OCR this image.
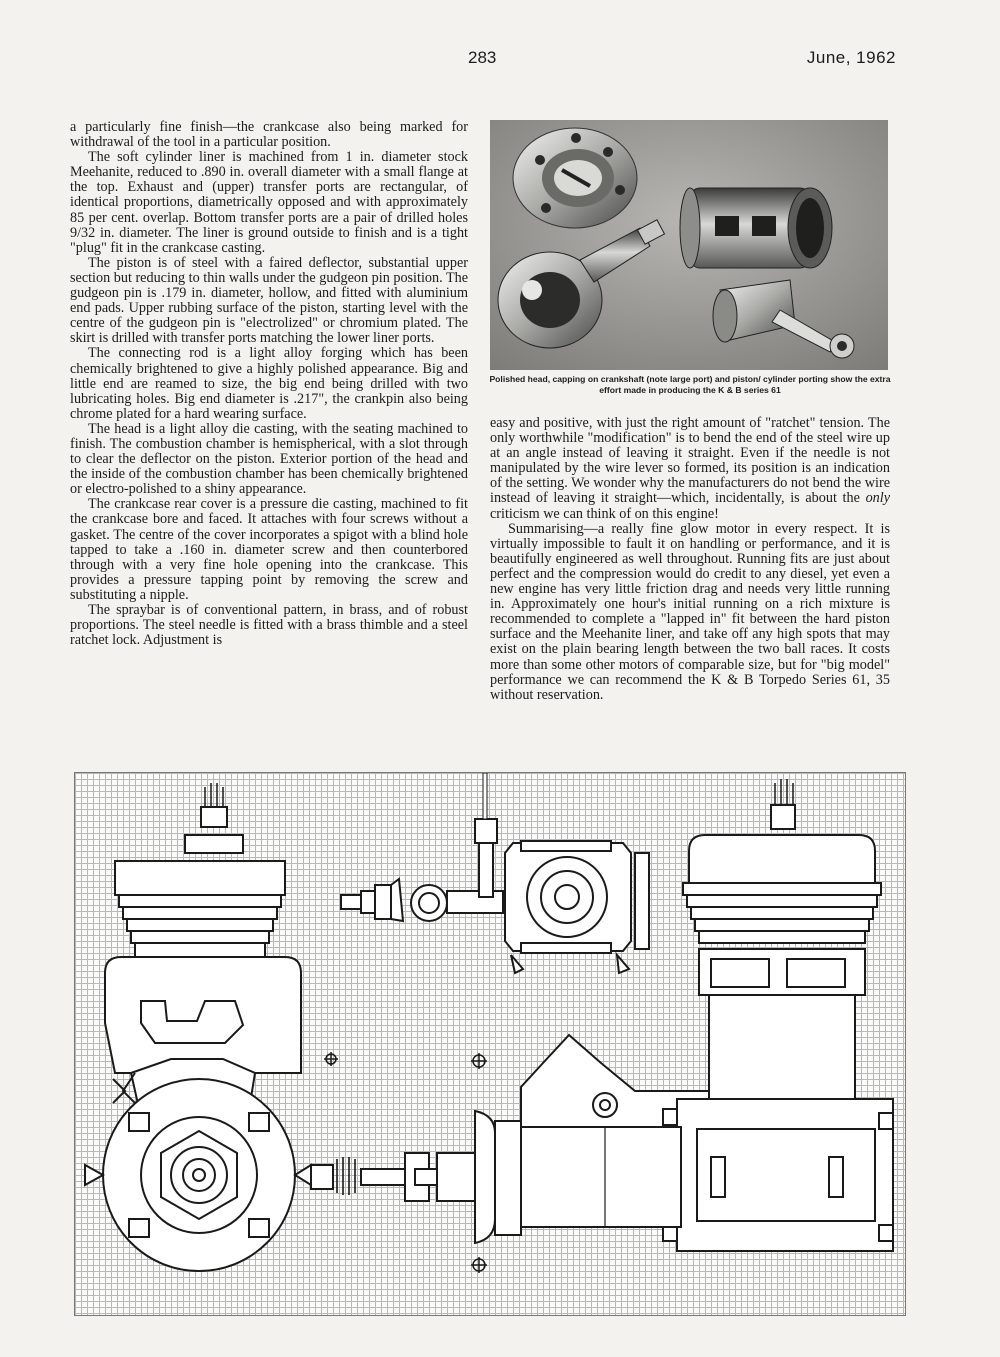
283	June, 1962

a particularly fine finish—the crankcase also being marked for withdrawal of the tool in a particular position.

The soft cylinder liner is machined from 1 in. diameter stock Meehanite, reduced to .890 in. overall diameter with a small flange at the top. Exhaust and (upper) transfer ports are rectangular, of identical proportions, diametrically opposed and with approximately 85 per cent. overlap. Bottom transfer ports are a pair of drilled holes 9/32 in. diameter. The liner is ground outside to finish and is a tight "plug" fit in the crankcase casting.

The piston is of steel with a faired deflector, substantial upper section but reducing to thin walls under the gudgeon pin position. The gudgeon pin is .179 in. diameter, hollow, and fitted with aluminium end pads. Upper rubbing surface of the piston, starting level with the centre of the gudgeon pin is "electrolized" or chromium plated. The skirt is drilled with transfer ports matching the lower liner ports.

The connecting rod is a light alloy forging which has been chemically brightened to give a highly polished appearance. Big and little end are reamed to size, the big end being drilled with two lubricating holes. Big end diameter is .217", the crankpin also being chrome plated for a hard wearing surface.

The head is a light alloy die casting, with the seating machined to finish. The combustion chamber is hemispherical, with a slot through to clear the deflector on the piston. Exterior portion of the head and the inside of the combustion chamber has been chemically brightened or electro-polished to a shiny appearance.

The crankcase rear cover is a pressure die casting, machined to fit the crankcase bore and faced. It attaches with four screws without a gasket. The centre of the cover incorporates a spigot with a blind hole tapped to take a .160 in. diameter screw and then counterbored through with a very fine hole opening into the crankcase. This provides a pressure tapping point by removing the screw and substituting a nipple.

The spraybar is of conventional pattern, in brass, and of robust proportions. The steel needle is fitted with a brass thimble and a steel ratchet lock. Adjustment is

Polished head, capping on crankshaft (note large port) and piston/ cylinder porting show the extra effort made in producing the K & B series 61

easy and positive, with just the right amount of "ratchet" tension. The only worthwhile "modification" is to bend the end of the steel wire up at an angle instead of leaving it straight. Even if the needle is not manipulated by the wire lever so formed, its position is an indication of the setting. We wonder why the manufacturers do not bend the wire instead of leaving it straight—which, incidentally, is about the only criticism we can think of on this engine!

Summarising—a really fine glow motor in every respect. It is virtually impossible to fault it on handling or performance, and it is beautifully engineered as well throughout. Running fits are just about perfect and the compression would do credit to any diesel, yet even a new engine has very little friction drag and needs very little running in. Approximately one hour's initial running on a rich mixture is recommended to complete a "lapped in" fit between the hard piston surface and the Meehanite liner, and take off any high spots that may exist on the plain bearing length between the two ball races. It costs more than some other motors of comparable size, but for "big model" performance we can recommend the K & B Torpedo Series 61, 35 without reservation.
